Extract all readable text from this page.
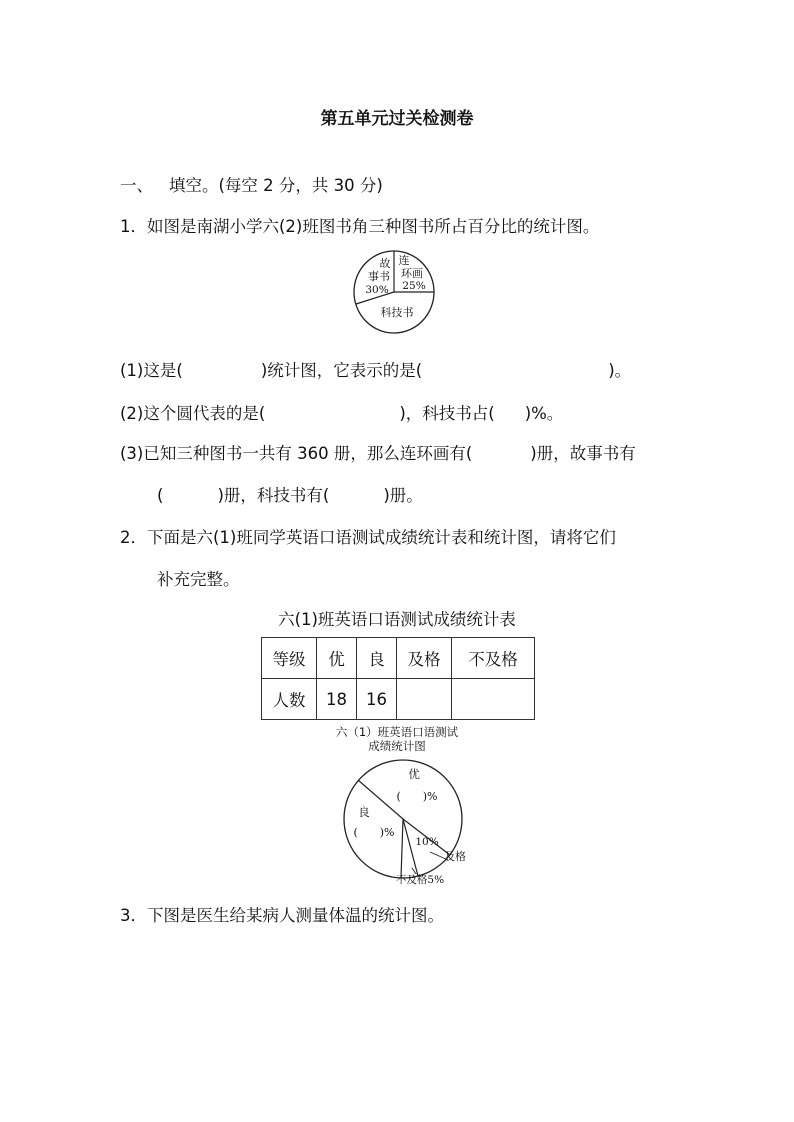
第五单元过关检测卷
一、 填空。(每空 2 分，共 30 分)
1．如图是南湖小学六(2)班图书角三种图书所占百分比的统计图。
故
事书
30%
连
环画
25%
科技书
(1)这是(	)统计图，它表示的是(	)。
(2)这个圆代表的是(	)，科技书占( )%。
(3)已知三种图书一共有 360 册，那么连环画有(	)册，故事书有
(	)册，科技书有(	)册。
2．下面是六(1)班同学英语口语测试成绩统计表和统计图，请将它们
补充完整。
六(1)班英语口语测试成绩统计表
等级	优	良	及格	不及格
人数	18	16		
六（1）班英语口语测试
成绩统计图
优
(　　)%
良
(　　)%
10%
及格
不及格5%
3．下图是医生给某病人测量体温的统计图。
